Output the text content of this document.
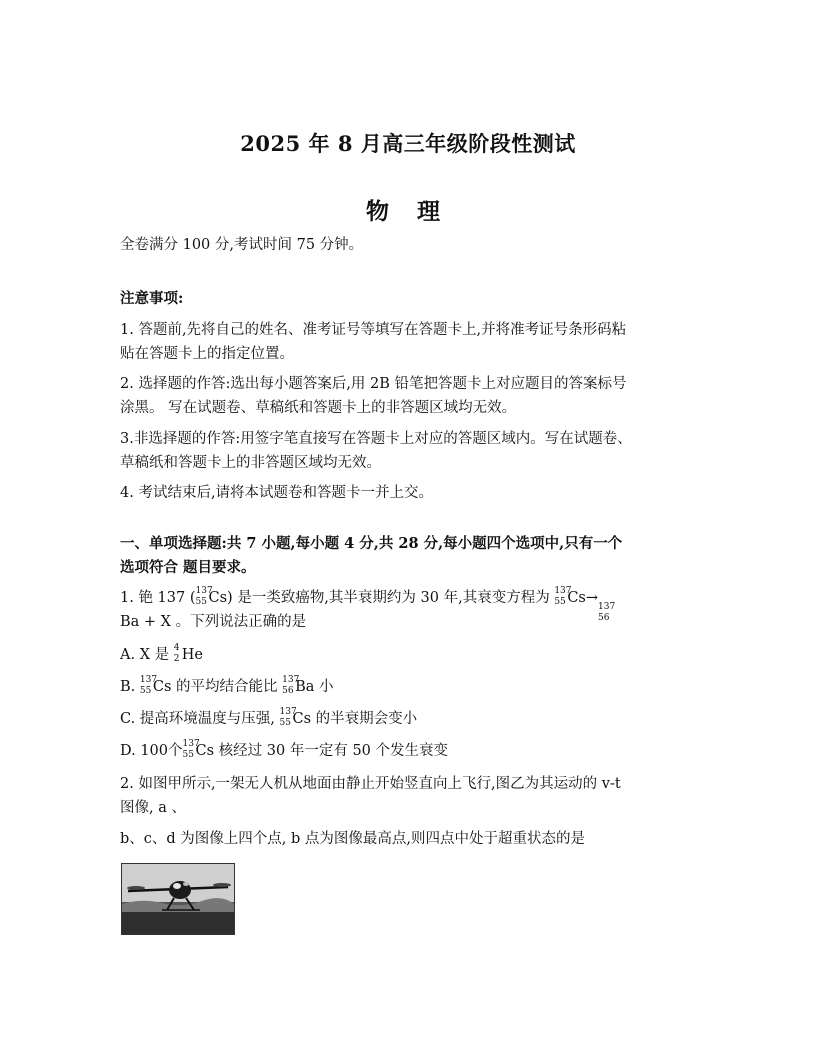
2025 年 8 月高三年级阶段性测试
物 理
全卷满分 100 分,考试时间 75 分钟。
注意事项:
1. 答题前,先将自己的姓名、准考证号等填写在答题卡上,并将准考证号条形码粘
贴在答题卡上的指定位置。
2. 选择题的作答:选出每小题答案后,用 2B 铅笔把答题卡上对应题目的答案标号
涂黑。 写在试题卷、草稿纸和答题卡上的非答题区域均无效。
3.非选择题的作答:用签字笔直接写在答题卡上对应的答题区域内。写在试题卷、
草稿纸和答题卡上的非答题区域均无效。
4. 考试结束后,请将本试题卷和答题卡一并上交。
一、单项选择题:共 7 小题,每小题 4 分,共 28 分,每小题四个选项中,只有一个
选项符合 题目要求。
1. 铯 137 ( 137
55 Cs) 是一类致癌物,其半衰期约为 30 年,其衰变方程为 137
55 Cs→
137
56
Ba + X 。下列说法正确的是
A. X 是 4
2 He
B. 137
55 Cs 的平均结合能比 137
56 Ba 小
C. 提高环境温度与压强, 137
55 Cs 的半衰期会变小
D. 100个 137
55 Cs 核经过 30 年一定有 50 个发生衰变
2. 如图甲所示,一架无人机从地面由静止开始竖直向上飞行,图乙为其运动的 v-t
图像, a 、
b、c、d 为图像上四个点, b 点为图像最高点,则四点中处于超重状态的是
